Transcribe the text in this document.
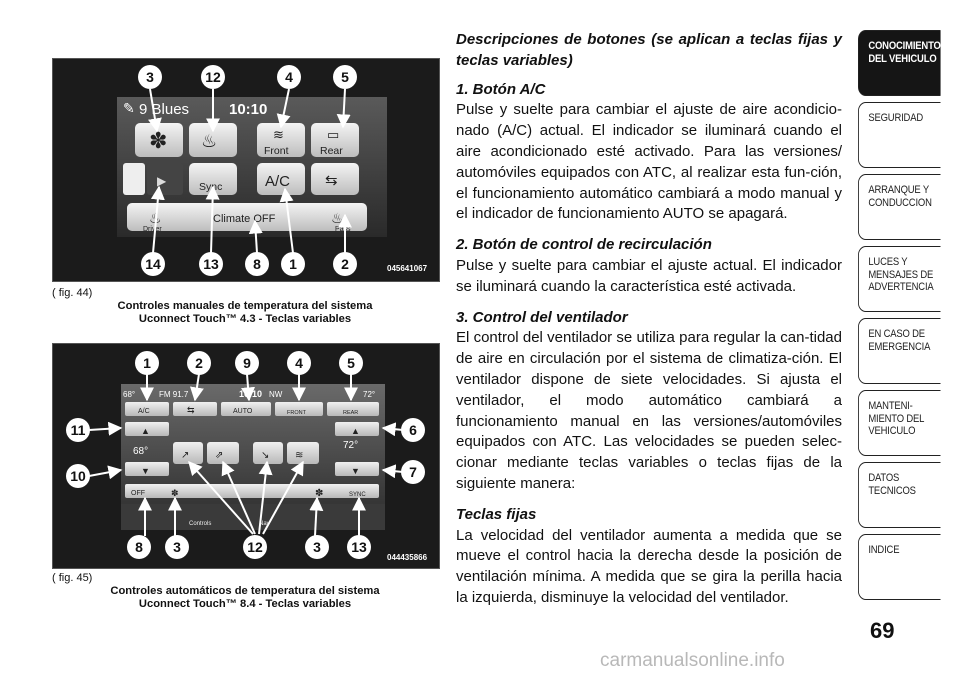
9 Blues	10:10
✎
✽ ♨	≋
Front
▭
Rear
▶	Sync	A/C ⇆
♨
Driver
Climate OFF	♨
Pass
3	12	4	5
14	13 8 1	2	045641067
( fig. 44)
Controles manuales de temperatura del sistema
Uconnect Touch™ 4.3 - Teclas variables
68°	FM 91.7	10:10 NW	72°
A/C	⇆	AUTO	FRONT	REAR
▲
68°
▼
▲
72°
▼
↗	⇗	↘	≋
OFF	✽	✽	SYNC
Controls	Nav
1	2	9	4	5
11
10
6
7
8 3	12	3 13
044435866
( fig. 45)
Controles automáticos de temperatura del sistema
Uconnect Touch™ 8.4 - Teclas variables

Descripciones de botones (se aplican a teclas fijas y teclas variables)

1. Botón A/C

Pulse y suelte para cambiar el ajuste de aire acondicio-nado (A/C) actual. El indicador se iluminará cuando el aire acondicionado esté activado. Para las versiones/ automóviles equipados con ATC, al realizar esta fun-ción, el funcionamiento automático cambiará a modo manual y el indicador de funcionamiento AUTO se apagará.

2. Botón de control de recirculación

Pulse y suelte para cambiar el ajuste actual. El indicador se iluminará cuando la característica esté activada.

3. Control del ventilador

El control del ventilador se utiliza para regular la can-tidad de aire en circulación por el sistema de climatiza-ción. El ventilador dispone de siete velocidades. Si ajusta el ventilador, el modo automático cambiará a funcionamiento manual en las versiones/automóviles equipados con ATC. Las velocidades se pueden selec-cionar mediante teclas variables o teclas fijas de la siguiente manera:

Teclas fijas

La velocidad del ventilador aumenta a medida que se mueve el control hacia la derecha desde la posición de ventilación mínima. A medida que se gira la perilla hacia la izquierda, disminuye la velocidad del ventilador.

CONOCIMIENTO
DEL VEHICULO
SEGURIDAD
ARRANQUE Y
CONDUCCION
LUCES Y
MENSAJES DE
ADVERTENCIA
EN CASO DE
EMERGENCIA
MANTENI-
MIENTO DEL
VEHICULO
DATOS
TECNICOS
INDICE
69
carmanualsonline.info
